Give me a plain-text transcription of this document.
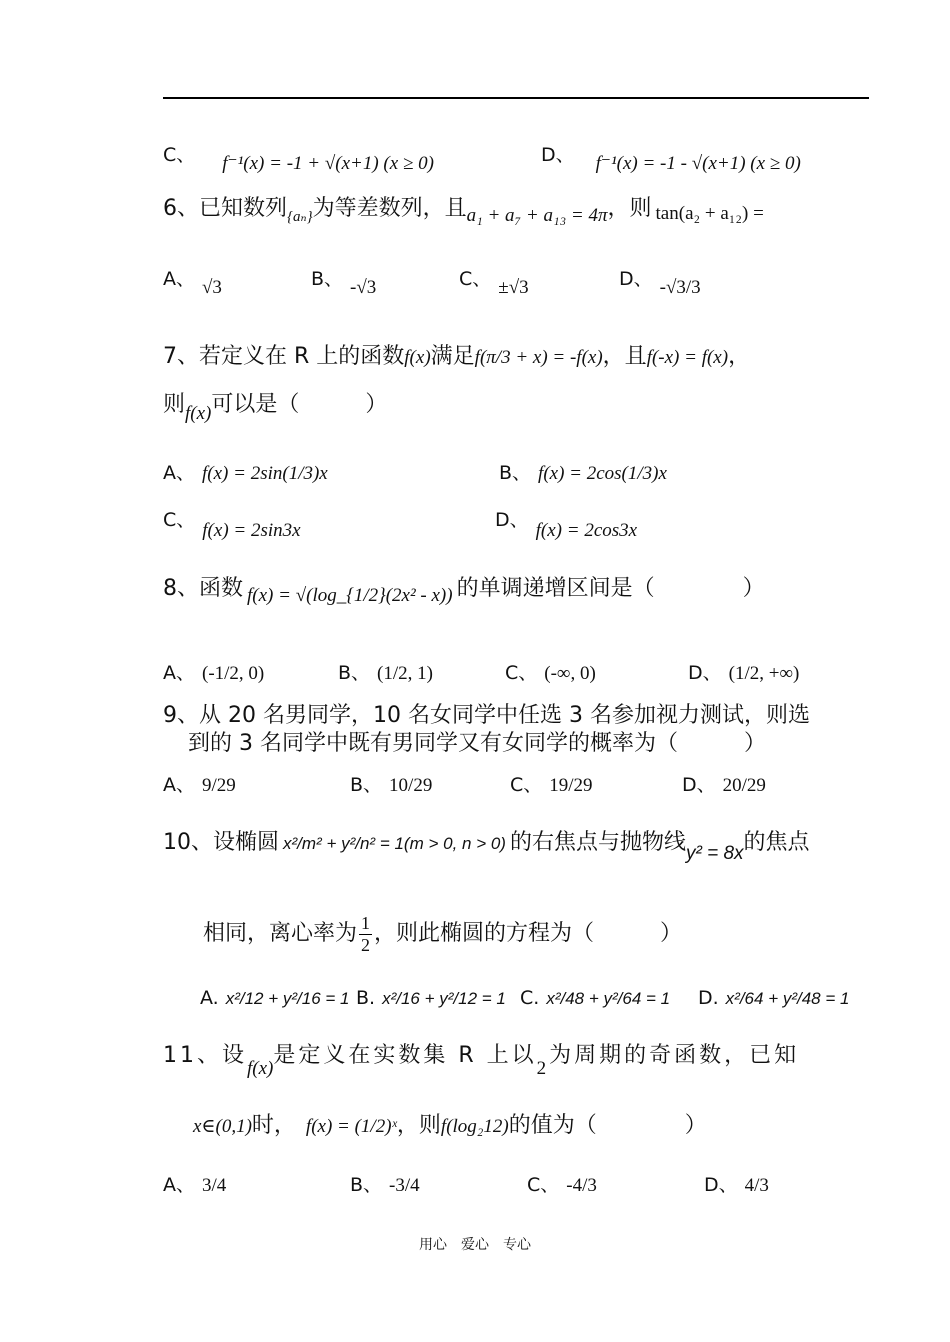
C、 f⁻¹(x) = -1 + √(x+1) (x ≥ 0)	D、 f⁻¹(x) = -1 - √(x+1) (x ≥ 0)
6、已知数列$_{\{a_n\}}$为等差数列，且a₁ + a₇ + a₁₃ = 4π，则 tan(a₂ + a₁₂) =
A、 √3	B、 -√3	C、 ±√3	D、 -√3/3
7、若定义在 R 上的函数f(x)满足f(π/3 + x) = -f(x)，且f(-x) = f(x)，
则f(x)可以是（　　　）
A、 f(x) = 2sin(1/3)x	B、 f(x) = 2cos(1/3)x
C、 f(x) = 2sin3x	D、 f(x) = 2cos3x
8、函数 f(x) = √(log_{1/2}(2x² - x)) 的单调递增区间是（　　　　）
A、 (-1/2, 0)	B、 (1/2, 1)	C、 (-∞, 0)	D、 (1/2, +∞)
9、从 20 名男同学，10 名女同学中任选 3 名参加视力测试，则选
到的 3 名同学中既有男同学又有女同学的概率为（　　　）
A、 9/29	B、 10/29	C、 19/29	D、 20/29
10、设椭圆 x²/m² + y²/n² = 1(m > 0, n > 0) 的右焦点与抛物线y² = 8x的焦点
相同，离心率为 $\frac{1}{2}$ ，则此椭圆的方程为（　　　）
A. x²/12 + y²/16 = 1 B. x²/16 + y²/12 = 1 C. x²/48 + y²/64 = 1 D. x²/64 + y²/48 = 1
11、设f(x)是定义在实数集 R 上以2为周期的奇函数，已知
x∈(0,1)时， f(x) = (1/2)ˣ，则f(log₂12)的值为（　　　　）
A、 3/4	B、 -3/4	C、 -4/3	D、 4/3
用心　爱心　专心
